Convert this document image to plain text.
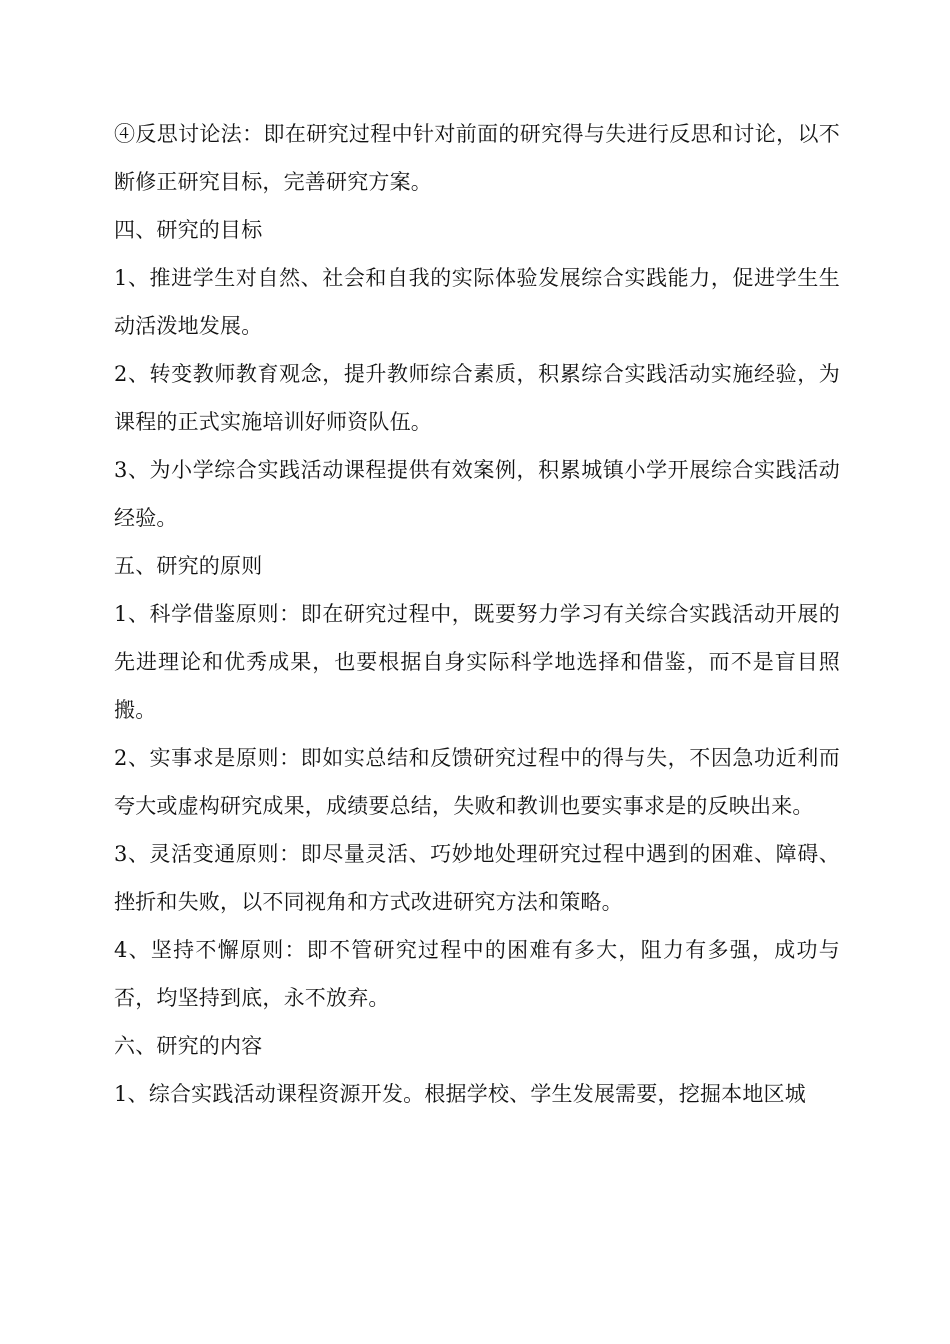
④反思讨论法：即在研究过程中针对前面的研究得与失进行反思和讨论，以不断修正研究目标，完善研究方案。

四、研究的目标

1、推进学生对自然、社会和自我的实际体验发展综合实践能力，促进学生生动活泼地发展。

2、转变教师教育观念，提升教师综合素质，积累综合实践活动实施经验，为课程的正式实施培训好师资队伍。

3、为小学综合实践活动课程提供有效案例，积累城镇小学开展综合实践活动经验。

五、研究的原则

1、科学借鉴原则：即在研究过程中，既要努力学习有关综合实践活动开展的先进理论和优秀成果，也要根据自身实际科学地选择和借鉴，而不是盲目照搬。

2、实事求是原则：即如实总结和反馈研究过程中的得与失，不因急功近利而夸大或虚构研究成果，成绩要总结，失败和教训也要实事求是的反映出来。

3、灵活变通原则：即尽量灵活、巧妙地处理研究过程中遇到的困难、障碍、挫折和失败，以不同视角和方式改进研究方法和策略。

4、坚持不懈原则：即不管研究过程中的困难有多大，阻力有多强，成功与否，均坚持到底，永不放弃。

六、研究的内容

1、综合实践活动课程资源开发。根据学校、学生发展需要，挖掘本地区城
